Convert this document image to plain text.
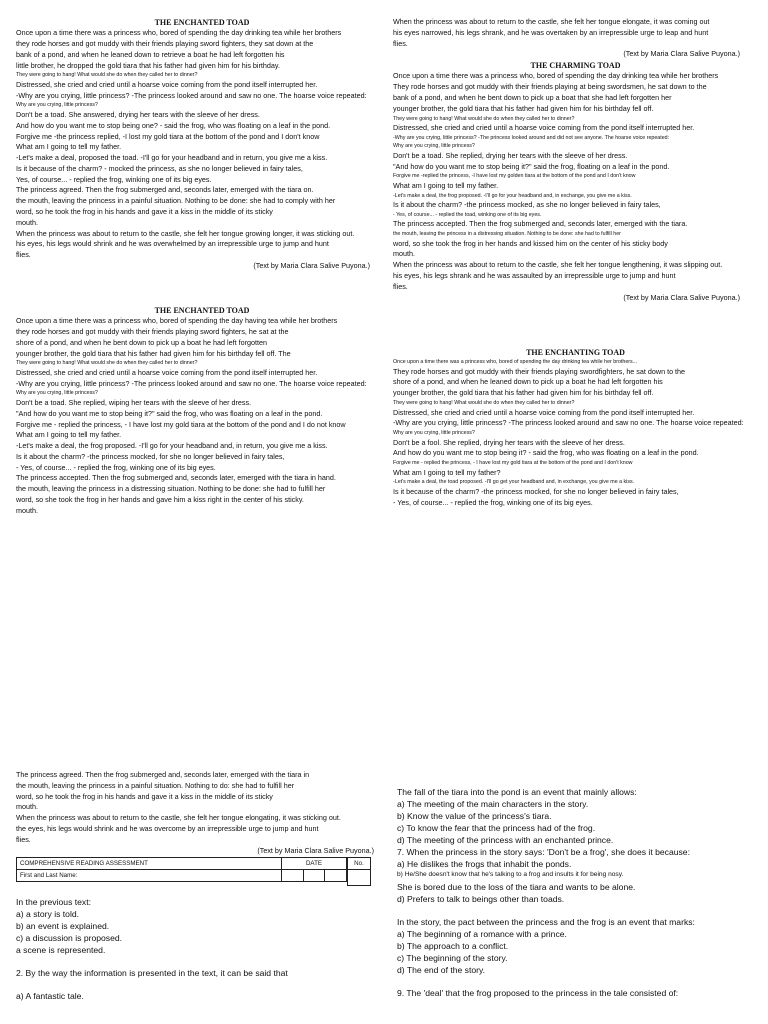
THE ENCHANTED TOAD

Once upon a time there was a princess who, bored of spending the day drinking tea while her brothers

they rode horses and got muddy with their friends playing sword fighters, they sat down at the

bank of a pond, and when he leaned down to retrieve a boat he had left forgotten his

little brother, he dropped the gold tiara that his father had given him for his birthday.

They were going to hang! What would she do when they called her to dinner?

Distressed, she cried and cried until a hoarse voice coming from the pond itself interrupted her.

-Why are you crying, little princess? -The princess looked around and saw no one. The hoarse voice repeated:

Why are you crying, little princess?

Don't be a toad. She answered, drying her tears with the sleeve of her dress.

And how do you want me to stop being one? - said the frog, who was floating on a leaf in the pond.

Forgive me -the princess replied, -I lost my gold tiara at the bottom of the pond and I don't know

What am I going to tell my father.

-Let's make a deal, proposed the toad. -I'll go for your headband and in return, you give me a kiss.

Is it because of the charm? - mocked the princess, as she no longer believed in fairy tales,

Yes, of course... - replied the frog, winking one of its big eyes.

The princess agreed. Then the frog submerged and, seconds later, emerged with the tiara on.

the mouth, leaving the princess in a painful situation. Nothing to be done: she had to comply with her

word, so he took the frog in his hands and gave it a kiss in the middle of its sticky

mouth.

When the princess was about to return to the castle, she felt her tongue growing longer, it was sticking out.

his eyes, his legs would shrink and he was overwhelmed by an irrepressible urge to jump and hunt

flies.

(Text by Maria Clara Salive Puyona.)

THE ENCHANTED TOAD

Once upon a time there was a princess who, bored of spending the day having tea while her brothers

they rode horses and got muddy with their friends playing sword fighters, he sat at the

shore of a pond, and when he bent down to pick up a boat he had left forgotten

younger brother, the gold tiara that his father had given him for his birthday fell off. The

They were going to hang! What would she do when they called her to dinner?

Distressed, she cried and cried until a hoarse voice coming from the pond itself interrupted her.

-Why are you crying, little princess? -The princess looked around and saw no one. The hoarse voice repeated:

Why are you crying, little princess?

Don't be a toad. She replied, wiping her tears with the sleeve of her dress.

"And how do you want me to stop being it?" said the frog, who was floating on a leaf in the pond.

Forgive me - replied the princess, - I have lost my gold tiara at the bottom of the pond and I do not know

What am I going to tell my father.

-Let's make a deal, the frog proposed. -I'll go for your headband and, in return, you give me a kiss.

Is it about the charm? -the princess mocked, for she no longer believed in fairy tales,

- Yes, of course... - replied the frog, winking one of its big eyes.

The princess accepted. Then the frog submerged and, seconds later, emerged with the tiara in hand.

the mouth, leaving the princess in a distressing situation. Nothing to be done: she had to fulfill her

word, so she took the frog in her hands and gave him a kiss right in the center of his sticky.

mouth.

When the princess was about to return to the castle, she felt her tongue elongate, it was coming out

his eyes narrowed, his legs shrank, and he was overtaken by an irrepressible urge to leap and hunt

flies.

(Text by Maria Clara Salive Puyona.)

THE CHARMING TOAD

Once upon a time there was a princess who, bored of spending the day drinking tea while her brothers

They rode horses and got muddy with their friends playing at being swordsmen, he sat down to the

bank of a pond, and when he bent down to pick up a boat that she had left forgotten her

younger brother, the gold tiara that his father had given him for his birthday fell off.

They were going to hang! What would she do when they called her to dinner?

Distressed, she cried and cried until a hoarse voice coming from the pond itself interrupted her.

-Why are you crying, little princess? -The princess looked around and did not see anyone. The hoarse voice repeated:

Why are you crying, little princess?

Don't be a toad. She replied, drying her tears with the sleeve of her dress.

"And how do you want me to stop being it?" said the frog, floating on a leaf in the pond.

Forgive me -replied the princess, -I have lost my golden tiara at the bottom of the pond and I don't know

What am I going to tell my father.

-Let's make a deal, the frog proposed. -I'll go for your headband and, in exchange, you give me a kiss.

Is it about the charm? -the princess mocked, as she no longer believed in fairy tales,

- Yes, of course... - replied the toad, winking one of its big eyes.

The princess accepted. Then the frog submerged and, seconds later, emerged with the tiara.

the mouth, leaving the princess in a distressing situation. Nothing to be done: she had to fulfill her

word, so she took the frog in her hands and kissed him on the center of his sticky body

mouth.

When the princess was about to return to the castle, she felt her tongue lengthening, it was slipping out.

his eyes, his legs shrank and he was assaulted by an irrepressible urge to jump and hunt

flies.

(Text by Maria Clara Salive Puyona.)

THE ENCHANTING TOAD

Once upon a time there was a princess who, bored of spending the day drinking tea while her brothers...

They rode horses and got muddy with their friends playing swordfighters, he sat down to the

shore of a pond, and when he leaned down to pick up a boat he had left forgotten his

younger brother, the gold tiara that his father had given him for his birthday fell off.

They were going to hang! What would she do when they called her to dinner?

Distressed, she cried and cried until a hoarse voice coming from the pond itself interrupted her.

-Why are you crying, little princess? -The princess looked around and saw no one. The hoarse voice repeated:

Why are you crying, little princess?

Don't be a fool. She replied, drying her tears with the sleeve of her dress.

And how do you want me to stop being it? - said the frog, who was floating on a leaf in the pond.

Forgive me - replied the princess, - I have lost my gold tiara at the bottom of the pond and I don't know

What am I going to tell my father?

-Let's make a deal, the toad proposed. -I'll go get your headband and, in exchange, you give me a kiss.

Is it because of the charm? -the princess mocked, for she no longer believed in fairy tales,

- Yes, of course... - replied the frog, winking one of its big eyes.

The princess agreed. Then the frog submerged and, seconds later, emerged with the tiara in

the mouth, leaving the princess in a painful situation. Nothing to do: she had to fulfill her

word, so he took the frog in his hands and gave it a kiss in the middle of its sticky

mouth.

When the princess was about to return to the castle, she felt her tongue elongating, it was sticking out.

the eyes, his legs would shrink and he was overcome by an irrepressible urge to jump and hunt

flies.

(Text by Maria Clara Salive Puyona.)

COMPREHENSIVE READING ASSESSMENT	DATE		
First and Last Name:			
No.

In the previous text:

a) a story is told.

b) an event is explained.

c) a discussion is proposed.

a scene is represented.

2. By the way the information is presented in the text, it can be said that

a) A fantastic tale.

The fall of the tiara into the pond is an event that mainly allows:

a) The meeting of the main characters in the story.

b) Know the value of the princess's tiara.

c) To know the fear that the princess had of the frog.

d) The meeting of the princess with an enchanted prince.

7. When the princess in the story says: 'Don't be a frog', she does it because:

a) He dislikes the frogs that inhabit the ponds.

b) He/She doesn't know that he's talking to a frog and insults it for being nosy.

She is bored due to the loss of the tiara and wants to be alone.

d) Prefers to talk to beings other than toads.

In the story, the pact between the princess and the frog is an event that marks:

a) The beginning of a romance with a prince.

b) The approach to a conflict.

c) The beginning of the story.

d) The end of the story.

9. The 'deal' that the frog proposed to the princess in the tale consisted of:
